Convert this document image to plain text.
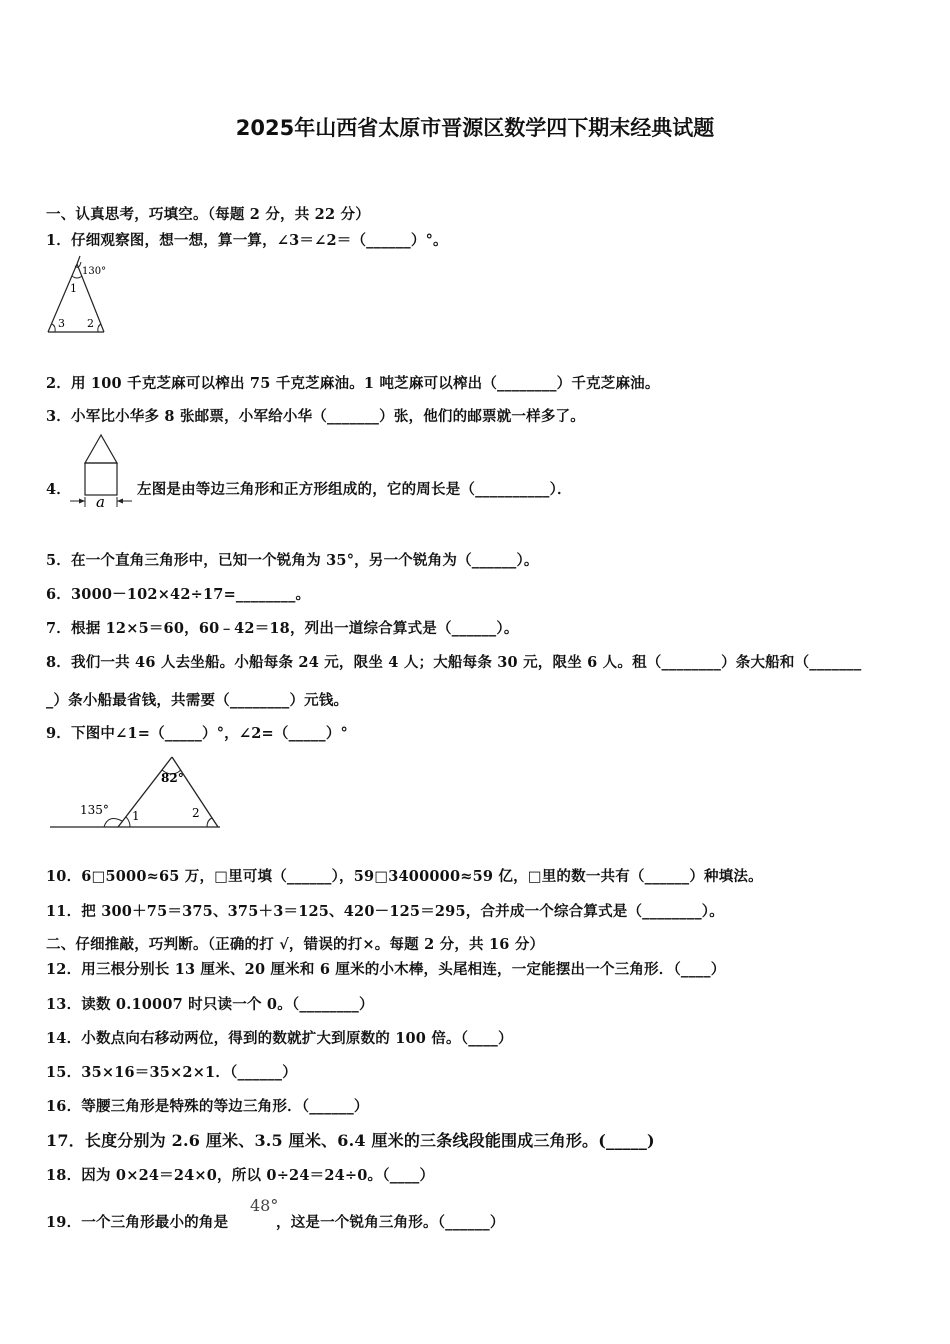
2025年山西省太原市晋源区数学四下期末经典试题
一、认真思考，巧填空。（每题 2 分，共 22 分）
1．仔细观察图，想一想，算一算，∠3＝∠2＝（______）°。
130°
1
3 2
2．用 100 千克芝麻可以榨出 75 千克芝麻油。1 吨芝麻可以榨出（________）千克芝麻油。
3．小军比小华多 8 张邮票，小军给小华（_______）张，他们的邮票就一样多了。
4．
a
左图是由等边三角形和正方形组成的，它的周长是（__________）．
5．在一个直角三角形中，已知一个锐角为 35°，另一个锐角为（______）。
6．3000－102×42÷17=________。
7．根据 12×5＝60，60﹣42＝18，列出一道综合算式是（______）。
8．我们一共 46 人去坐船。小船每条 24 元，限坐 4 人；大船每条 30 元，限坐 6 人。租（________）条大船和（_______
_）条小船最省钱，共需要（________）元钱。
9．下图中∠1=（_____）°，∠2=（_____）°
82°
135° 1	2
10．6□5000≈65 万，□里可填（______），59□3400000≈59 亿，□里的数一共有（______）种填法。
11．把 300＋75＝375、375＋3＝125、420－125＝295，合并成一个综合算式是（________）。
二、仔细推敲，巧判断。（正确的打 √，错误的打×。每题 2 分，共 16 分）
12．用三根分别长 13 厘米、20 厘米和 6 厘米的小木棒，头尾相连，一定能摆出一个三角形．（____）
13．读数 0.10007 时只读一个 0。（________）
14．小数点向右移动两位，得到的数就扩大到原数的 100 倍。（____）
15．35×16＝35×2×1．（______）
16．等腰三角形是特殊的等边三角形．（______）
17．长度分别为 2.6 厘米、3.5 厘米、6.4 厘米的三条线段能围成三角形。(_____)
18．因为 0×24＝24×0，所以 0÷24＝24÷0。（____）
19．一个三角形最小的角是
48°
，这是一个锐角三角形。（______）
